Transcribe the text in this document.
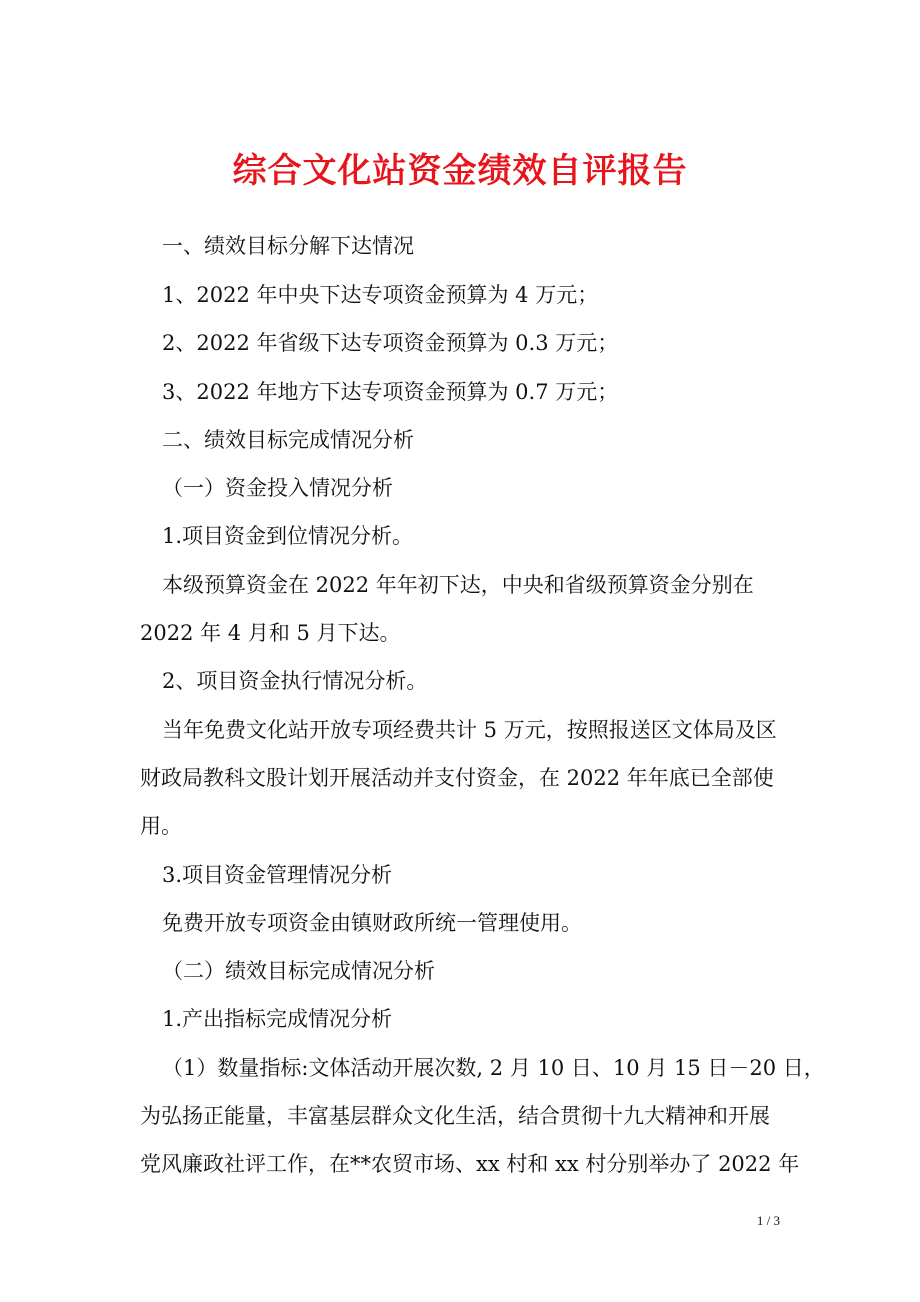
综合文化站资金绩效自评报告
一、绩效目标分解下达情况
1、2022 年中央下达专项资金预算为 4 万元；
2、2022 年省级下达专项资金预算为 0.3 万元；
3、2022 年地方下达专项资金预算为 0.7 万元；
二、绩效目标完成情况分析
（一）资金投入情况分析
1.项目资金到位情况分析。
本级预算资金在 2022 年年初下达，中央和省级预算资金分别在
2022 年 4 月和 5 月下达。
2、项目资金执行情况分析。
当年免费文化站开放专项经费共计 5 万元，按照报送区文体局及区
财政局教科文股计划开展活动并支付资金，在 2022 年年底已全部使
用。
3.项目资金管理情况分析
免费开放专项资金由镇财政所统一管理使用。
（二）绩效目标完成情况分析
1.产出指标完成情况分析
（1）数量指标:文体活动开展次数, 2 月 10 日、10 月 15 日－20 日，
为弘扬正能量，丰富基层群众文化生活，结合贯彻十九大精神和开展
党风廉政社评工作，在**农贸市场、xx 村和 xx 村分别举办了 2022 年
1 / 3
